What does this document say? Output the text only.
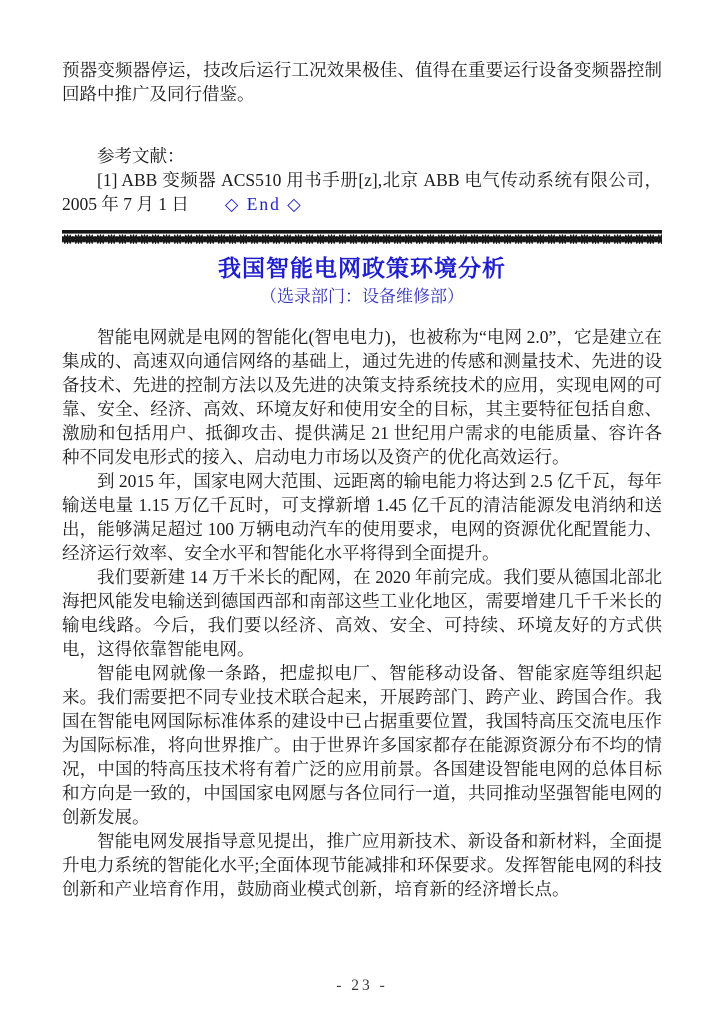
预器变频器停运，技改后运行工况效果极佳、值得在重要运行设备变频器控制回路中推广及同行借鉴。

参考文献：

[1] ABB 变频器 ACS510 用书手册[z],北京 ABB 电气传动系统有限公司，2005 年 7 月 1 日 ◇ End ◇

我国智能电网政策环境分析
（选录部门：设备维修部）

智能电网就是电网的智能化(智电电力)，也被称为“电网 2.0”，它是建立在集成的、高速双向通信网络的基础上，通过先进的传感和测量技术、先进的设备技术、先进的控制方法以及先进的决策支持系统技术的应用，实现电网的可靠、安全、经济、高效、环境友好和使用安全的目标，其主要特征包括自愈、激励和包括用户、抵御攻击、提供满足 21 世纪用户需求的电能质量、容许各种不同发电形式的接入、启动电力市场以及资产的优化高效运行。

到 2015 年，国家电网大范围、远距离的输电能力将达到 2.5 亿千瓦，每年输送电量 1.15 万亿千瓦时，可支撑新增 1.45 亿千瓦的清洁能源发电消纳和送出，能够满足超过 100 万辆电动汽车的使用要求，电网的资源优化配置能力、经济运行效率、安全水平和智能化水平将得到全面提升。

我们要新建 14 万千米长的配网，在 2020 年前完成。我们要从德国北部北海把风能发电输送到德国西部和南部这些工业化地区，需要增建几千千米长的输电线路。今后，我们要以经济、高效、安全、可持续、环境友好的方式供电，这得依靠智能电网。

智能电网就像一条路，把虚拟电厂、智能移动设备、智能家庭等组织起来。我们需要把不同专业技术联合起来，开展跨部门、跨产业、跨国合作。我国在智能电网国际标准体系的建设中已占据重要位置，我国特高压交流电压作为国际标准，将向世界推广。由于世界许多国家都存在能源资源分布不均的情况，中国的特高压技术将有着广泛的应用前景。各国建设智能电网的总体目标和方向是一致的，中国国家电网愿与各位同行一道，共同推动坚强智能电网的创新发展。

智能电网发展指导意见提出，推广应用新技术、新设备和新材料，全面提升电力系统的智能化水平;全面体现节能减排和环保要求。发挥智能电网的科技创新和产业培育作用，鼓励商业模式创新，培育新的经济增长点。

- 23 -
